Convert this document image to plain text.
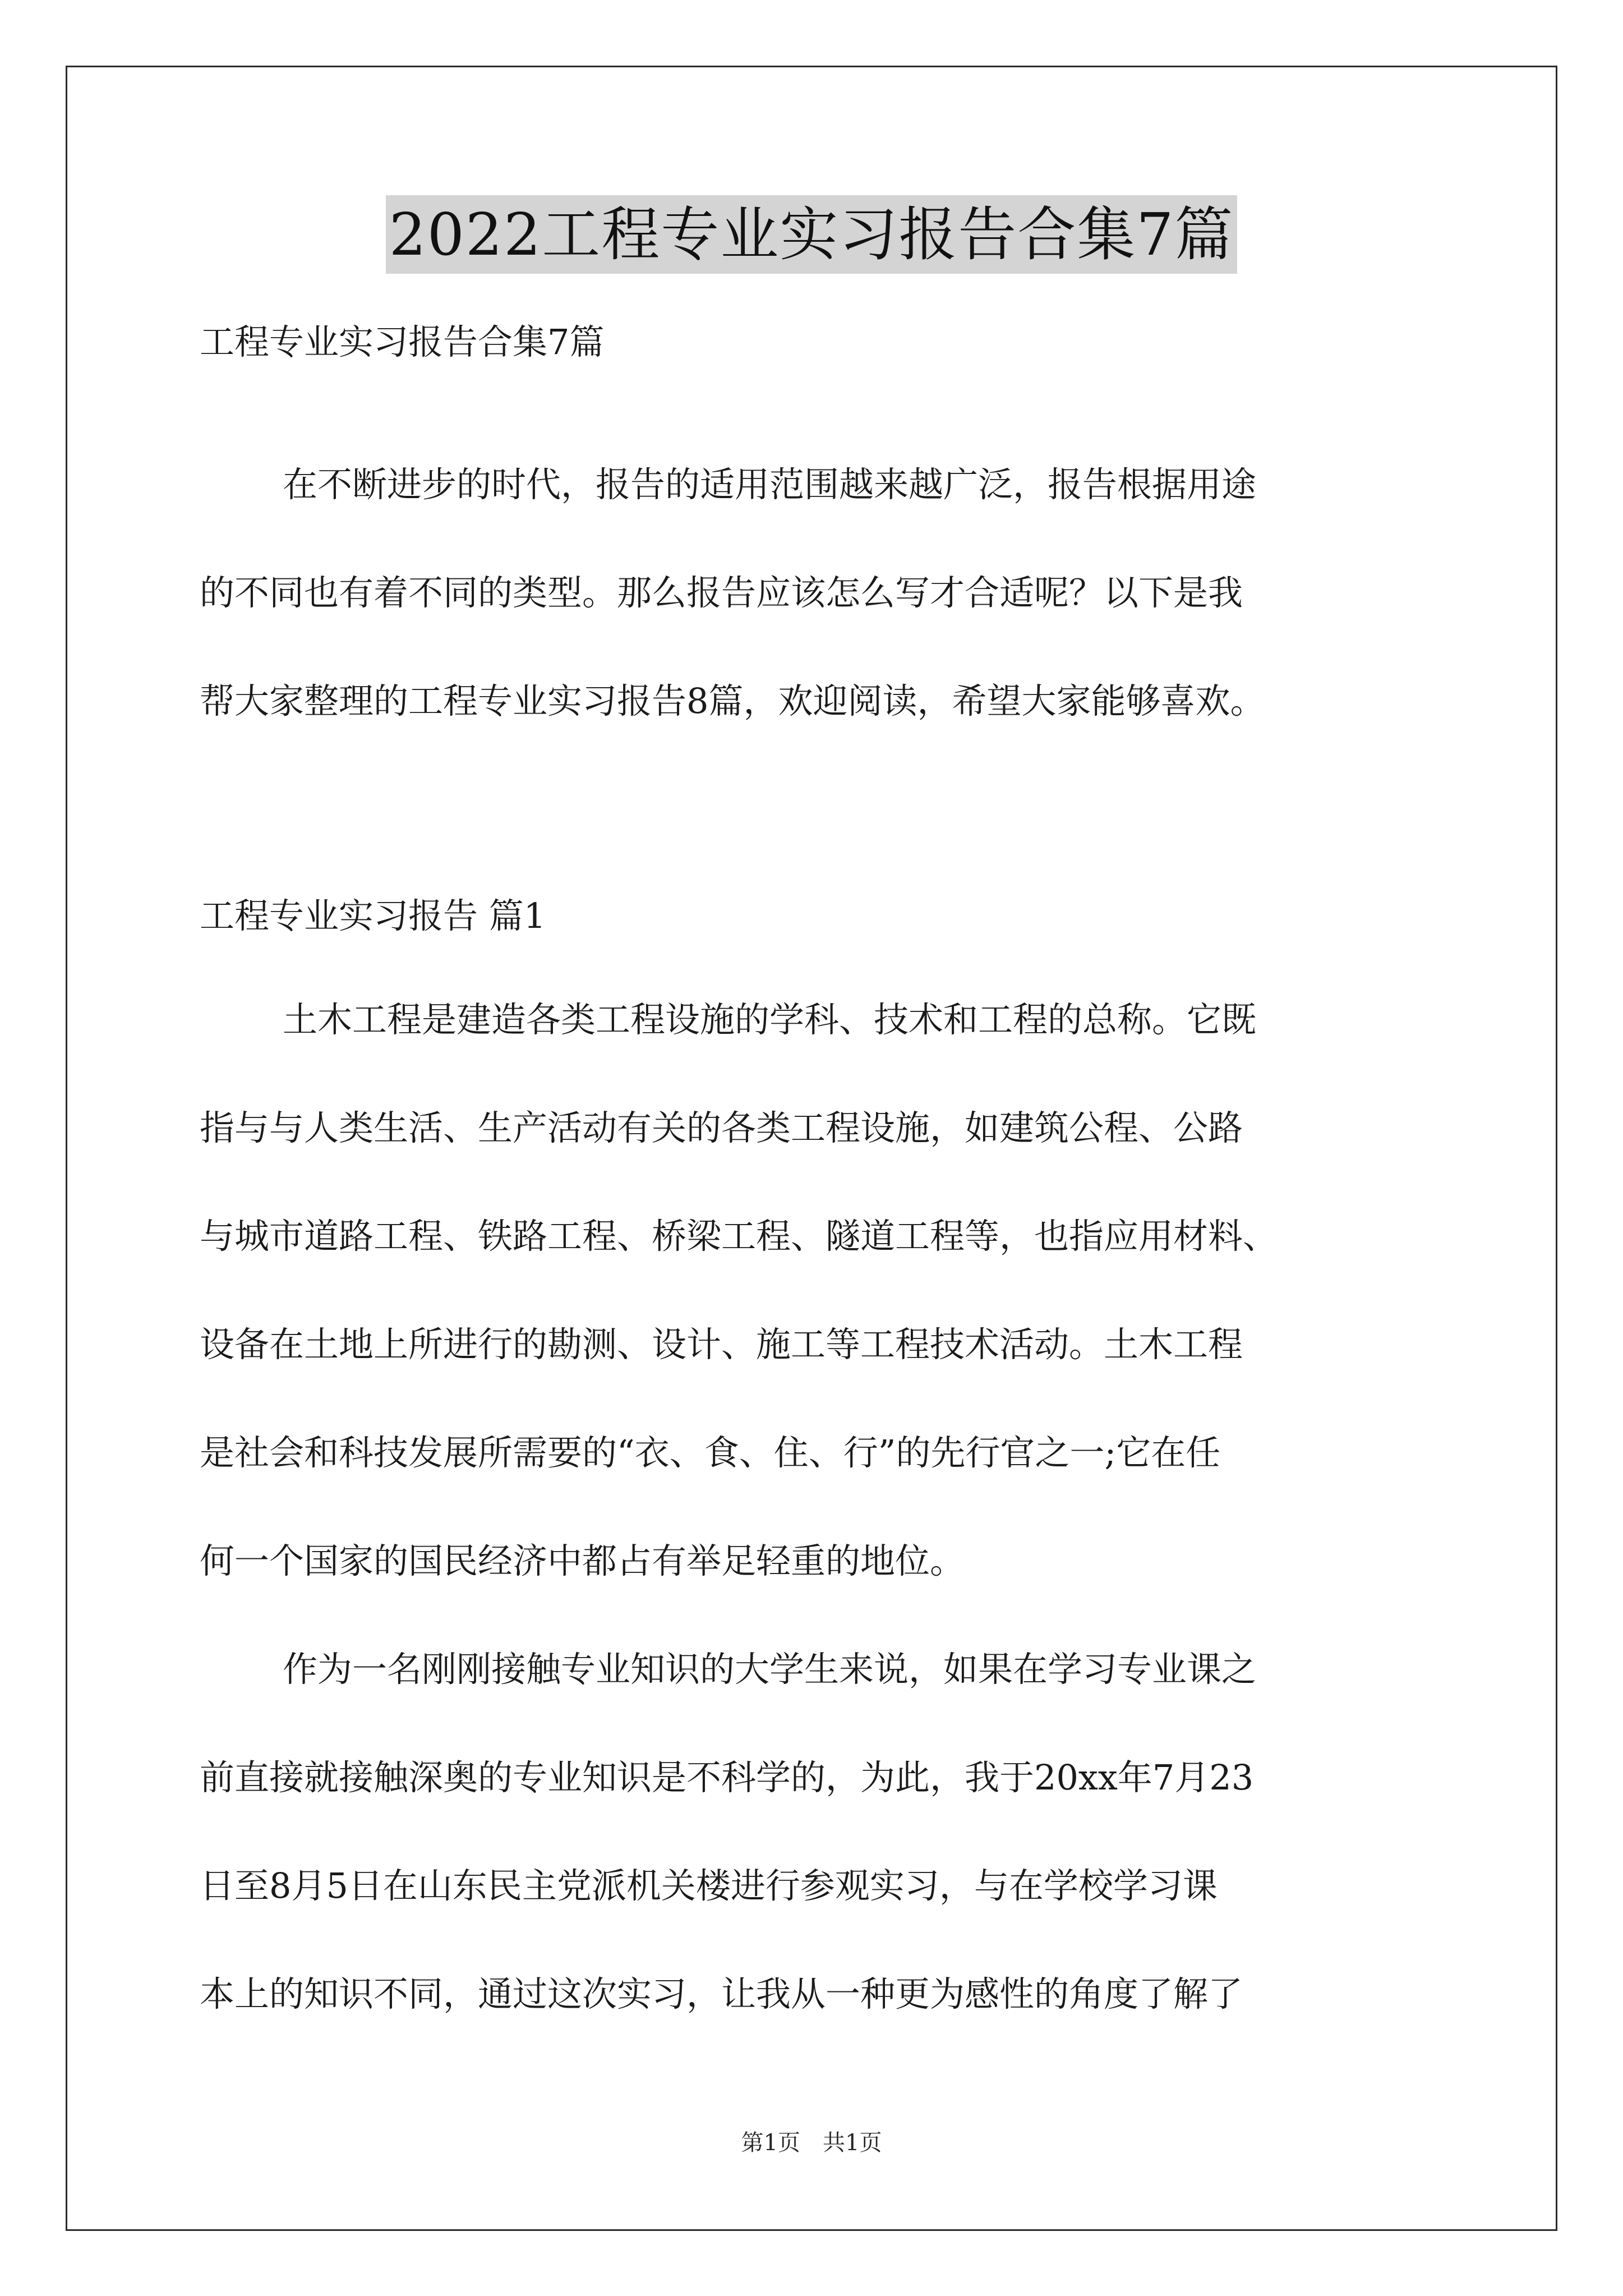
2022工程专业实习报告合集7篇
工程专业实习报告合集7篇
在不断进步的时代，报告的适用范围越来越广泛，报告根据用途
的不同也有着不同的类型。那么报告应该怎么写才合适呢？以下是我
帮大家整理的工程专业实习报告8篇，欢迎阅读，希望大家能够喜欢。
工程专业实习报告 篇1
土木工程是建造各类工程设施的学科、技术和工程的总称。它既
指与与人类生活、生产活动有关的各类工程设施，如建筑公程、公路
与城市道路工程、铁路工程、桥梁工程、隧道工程等，也指应用材料、
设备在土地上所进行的勘测、设计、施工等工程技术活动。土木工程
是社会和科技发展所需要的“衣、食、住、行”的先行官之一;它在任
何一个国家的国民经济中都占有举足轻重的地位。
作为一名刚刚接触专业知识的大学生来说，如果在学习专业课之
前直接就接触深奥的专业知识是不科学的，为此，我于20xx年7月23
日至8月5日在山东民主党派机关楼进行参观实习，与在学校学习课
本上的知识不同，通过这次实习，让我从一种更为感性的角度了解了
第1页 共1页
